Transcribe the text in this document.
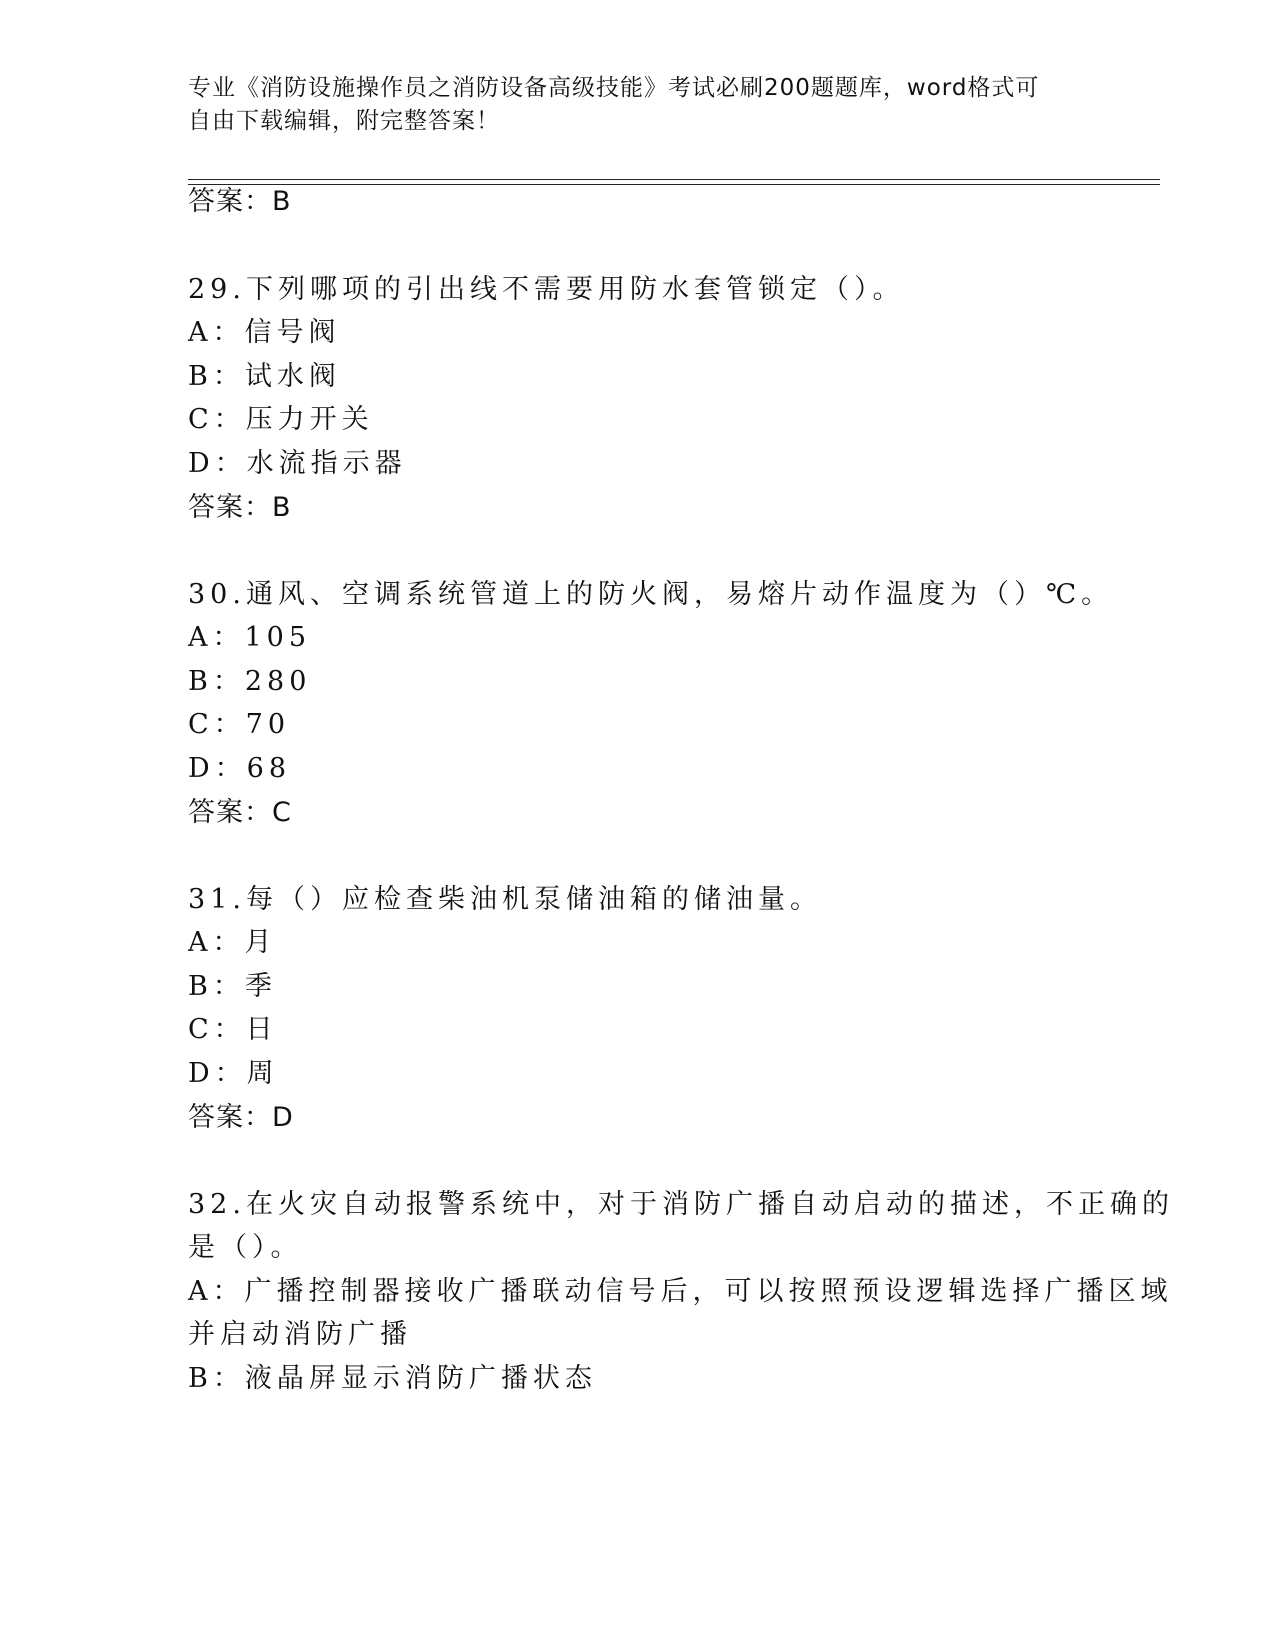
专业《消防设施操作员之消防设备高级技能》考试必刷200题题库，word格式可
自由下载编辑，附完整答案！
答案：B
29.下列哪项的引出线不需要用防水套管锁定（）。
A：信号阀
B：试水阀
C：压力开关
D：水流指示器
答案：B
30.通风、空调系统管道上的防火阀，易熔片动作温度为（）℃。
A：105
B：280
C：70
D：68
答案：C
31.每（）应检查柴油机泵储油箱的储油量。
A：月
B：季
C：日
D：周
答案：D
32.在火灾自动报警系统中，对于消防广播自动启动的描述，不正确的
是（）。
A：广播控制器接收广播联动信号后，可以按照预设逻辑选择广播区域
并启动消防广播
B：液晶屏显示消防广播状态
